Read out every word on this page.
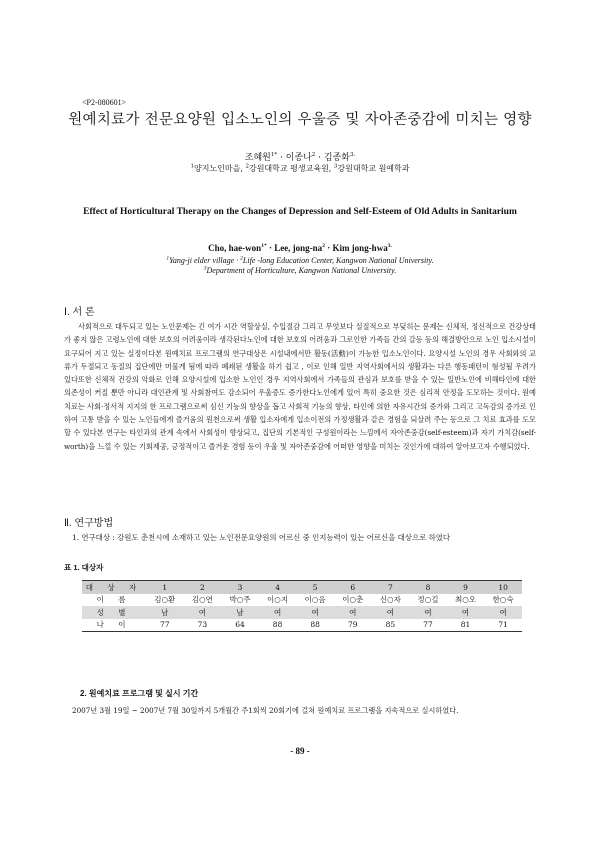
<P2-080601>
원예치료가 전문요양원 입소노인의 우울증 및 자아존중감에 미치는 영향
조혜원$^{1*}$ · 이종나$^2$ · 김종화$^{3.}$
$^1$양지노인마을, $^2$강원대학교 평생교육원, $^3$강원대학교 원예학과
Effect of Horticultural Therapy on the Changes of Depression and Self-Esteem of Old Adults in Sanitarium
Cho, hae-won$^{1*}$ · Lee, jong-$na^2$ · Kim jong-hwa$^{3.}$
$^1$Yang-ji elder village · $^2$Life -long Education Center, Kangwon National University.
$^3$Department of Horticulture, Kangwon National University.
Ⅰ. 서 론
사회적으로 대두되고 있는 노인문제는 긴 여가 시간 역할상실, 수입절감 그리고 무엇보다 실질적으로 부딪히는 문제는 신체적, 정신적으로 건강상태가 좋지 않은 고령노인에 대한 보호의 어려움이라 생각된다노인에 대한 보호의 어려움과 그로인한 가족들 간의 갈등 등의 해결방안으로 노인 입소시설이 요구되어 지고 있는 실정이다본 원예치료 프로그램의 연구대상은 시설내에서만 활동(活動)이 가능한 입소노인이다. 요양시설 노인의 경우 사회와의 교류가 두절되고 동질의 집단에만 머물게 됨에 따라 폐쇄된 생활을 하기 쉽고 , 이로 인해 일반 지역사회에서의 생활과는 다른 행동패턴이 형성될 우려가 있다또한 신체적 건강의 악화로 인해 요양시설에 입소한 노인인 경우 지역사회에서 가족들의 관심과 보호를 받을 수 있는 일반노인에 비해타인에 대한 의존성이 커질 뿐만 아니라 대인관계 및 사회참여도 감소되어 우울증도 증가한다노인에게 있어 특히 중요한 것은 심리적 안정을 도모하는 것이다. 원예치료는 사회·정서적 지지의 한 프로그램으로써 심신 기능의 향상을 돕고 사회적 기능의 향상, 타인에 의한 자유시간의 증가와 그리고 고독감의 증가로 인하여 고통 받을 수 있는 노인들에게 즐거움의 원천으로써 생활 입소자에게 입소이전의 가정생활과 같은 경험을 되살려 주는 등으로 그 치료 효과를 도모할 수 있다본 연구는 타인과의 관계 속에서 사회성이 향상되고, 집단의 기본적인 구성원이라는 느낌에서 자아존중감(self-esteem)과 자기 가치감(self-worth)을 느낄 수 있는 기회제공, 긍정적이고 즐거운 경험 등이 우울 및 자아존중감에 어떠한 영향을 미치는 것인가에 대하여 알아보고자 수행되었다.
Ⅱ. 연구방법
1. 연구대상 : 강원도 춘천시에 소재하고 있는 노인전문요양원의 어르신 중 인지능력이 있는 어르신을 대상으로 하였다
표 1. 대상자
대 상 자	1	2	3	4	5	6	7	8	9	10
이 름	김○환	김○연	박○주	이○지	이○음	이○춘	신○자	정○길	최○오	한○숙
성 별	남	여	남	여	여	여	여	여	여	여
나 이	77	73	64	88	88	79	85	77	81	71
2. 원예치료 프로그램 및 실시 기간
2007년 3월 19일 ~ 2007년 7월 30일까지 5개월간 주1회씩 20회기에 걸쳐 원예치료 프로그램을 지속적으로 실시하였다.
- 89 -
